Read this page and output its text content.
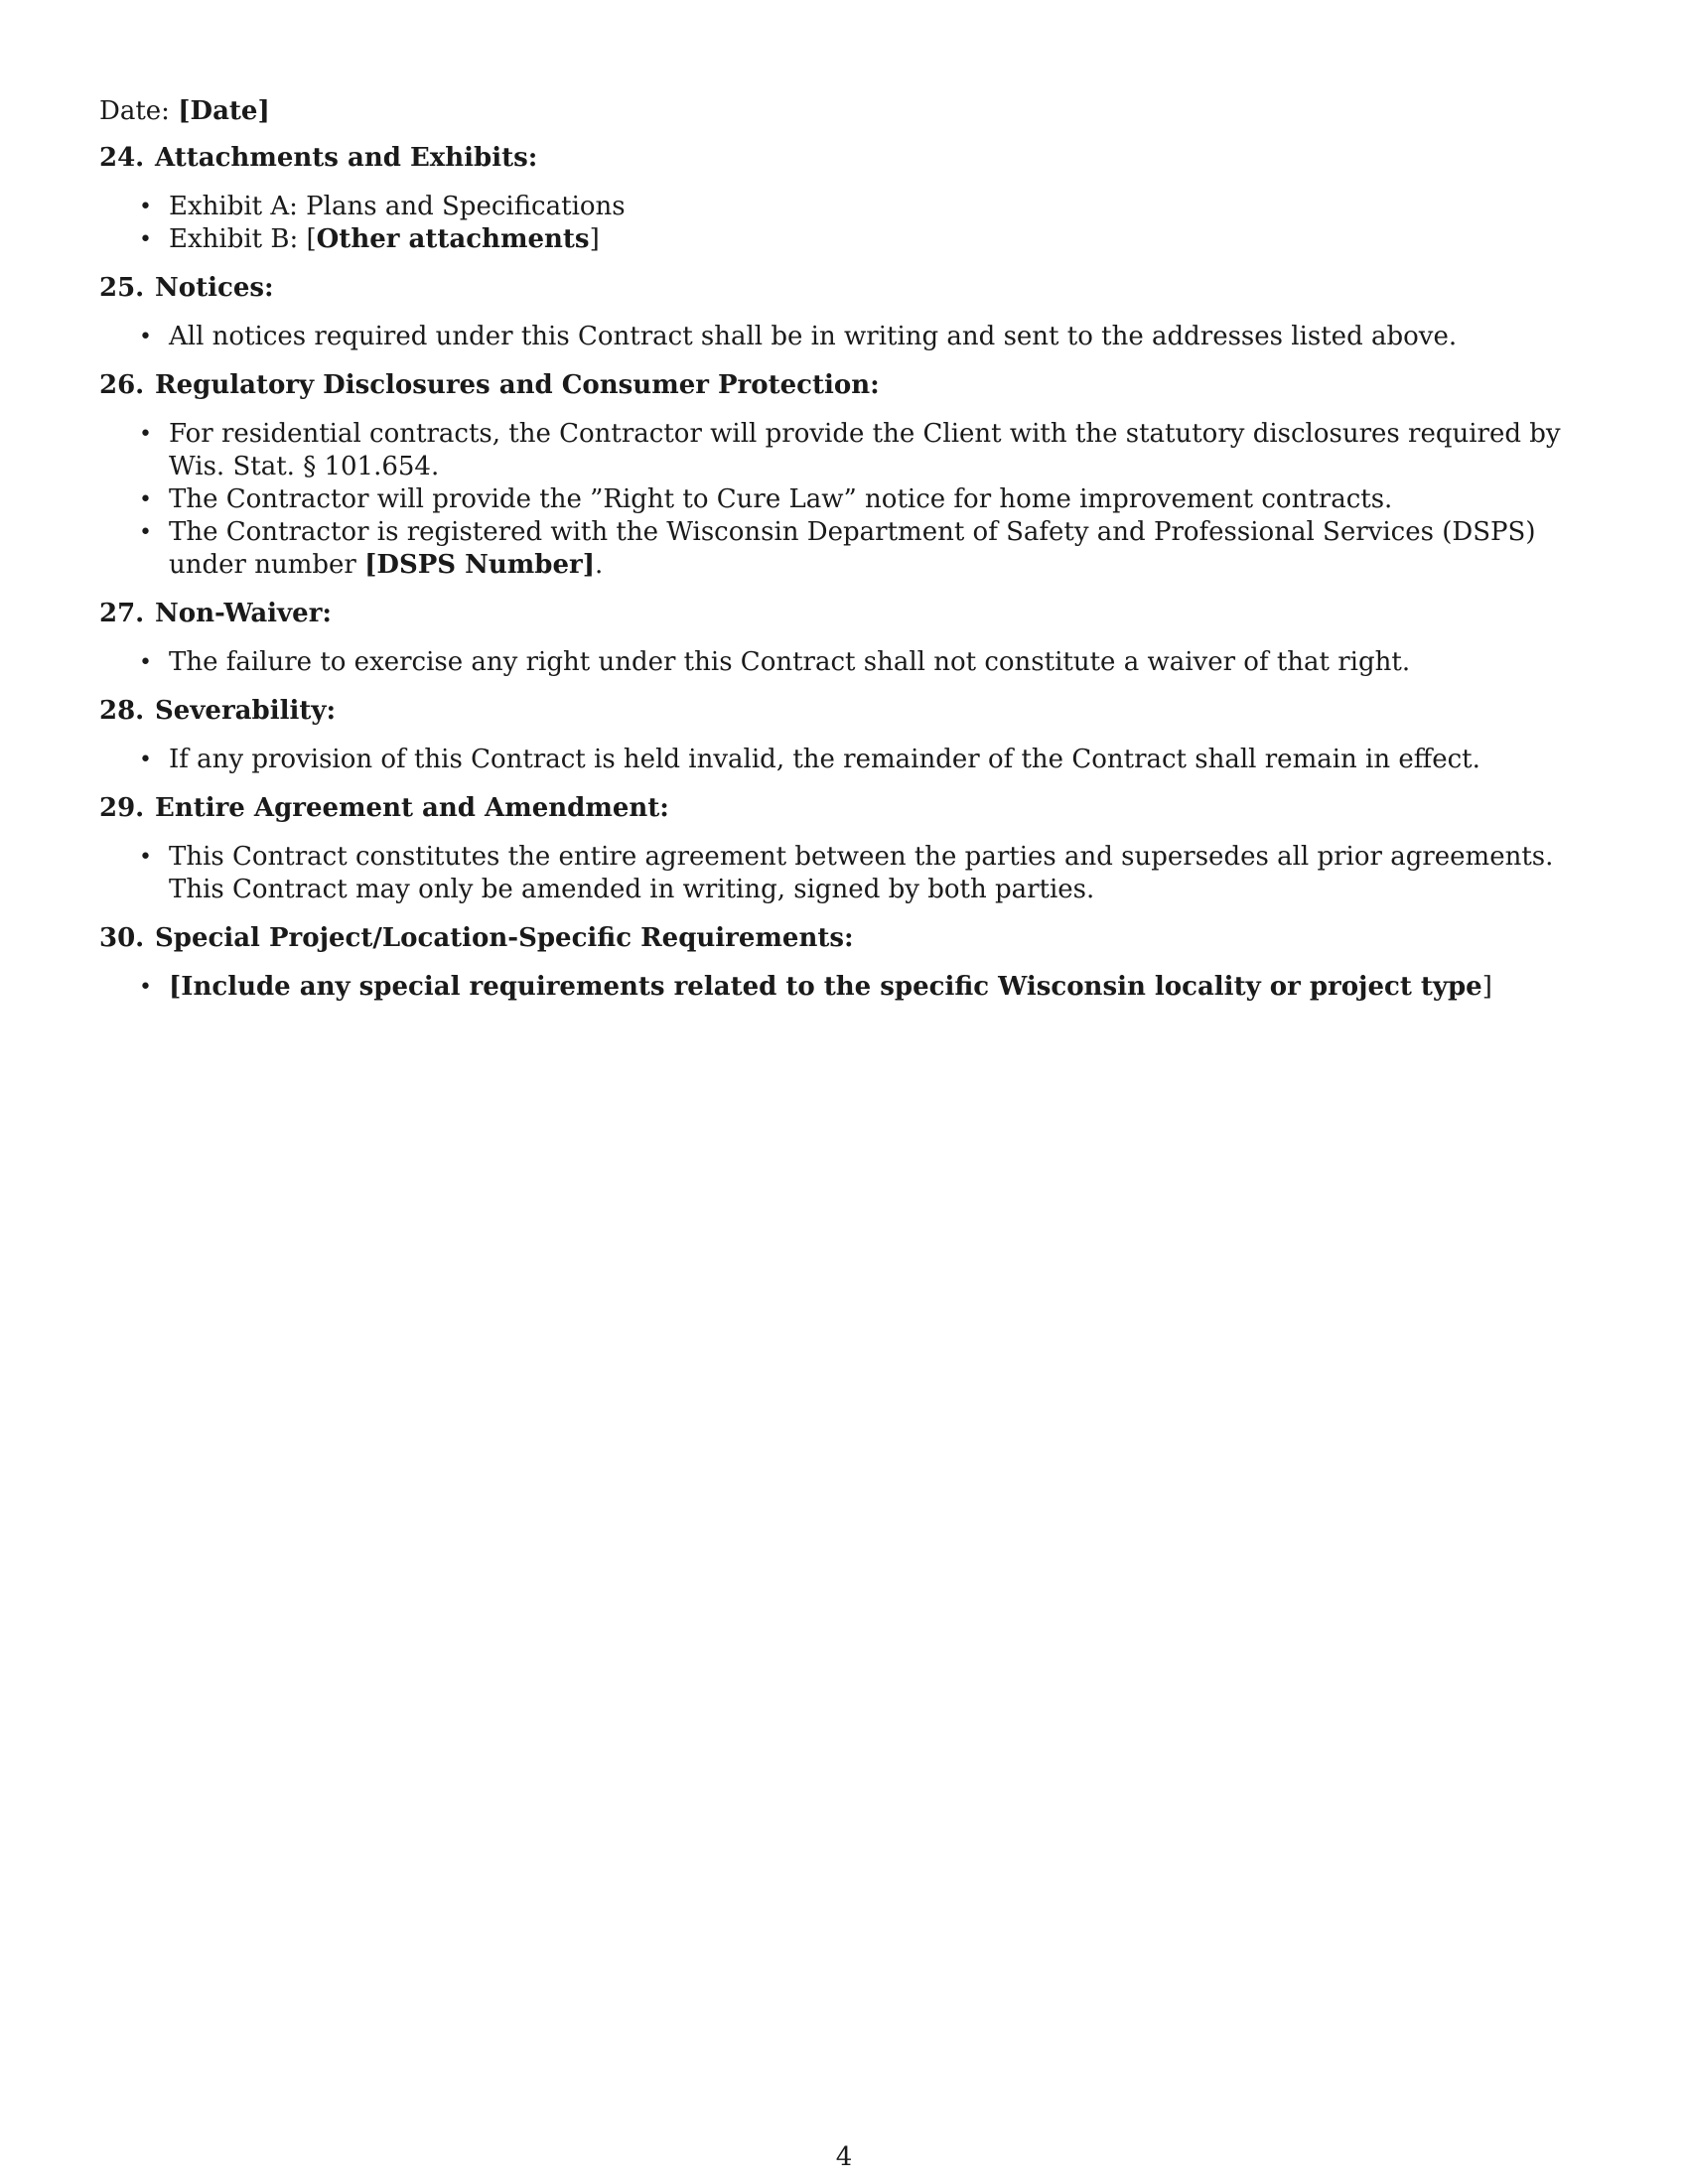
Date: [Date]

24. Attachments and Exhibits:
• Exhibit A: Plans and Specifications
• Exhibit B: [Other attachments]
25. Notices:
• All notices required under this Contract shall be in writing and sent to the addresses listed above.
26. Regulatory Disclosures and Consumer Protection:
• For residential contracts, the Contractor will provide the Client with the statutory disclosures required by Wis. Stat. § 101.654.
• The Contractor will provide the ”Right to Cure Law” notice for home improvement contracts.
• The Contractor is registered with the Wisconsin Department of Safety and Professional Services (DSPS) under number [DSPS Number].
27. Non-Waiver:
• The failure to exercise any right under this Contract shall not constitute a waiver of that right.
28. Severability:
• If any provision of this Contract is held invalid, the remainder of the Contract shall remain in effect.
29. Entire Agreement and Amendment:
• This Contract constitutes the entire agreement between the parties and supersedes all prior agreements. This Contract may only be amended in writing, signed by both parties.
30. Special Project/Location-Specific Requirements:
• [Include any special requirements related to the specific Wisconsin locality or project type]
4
